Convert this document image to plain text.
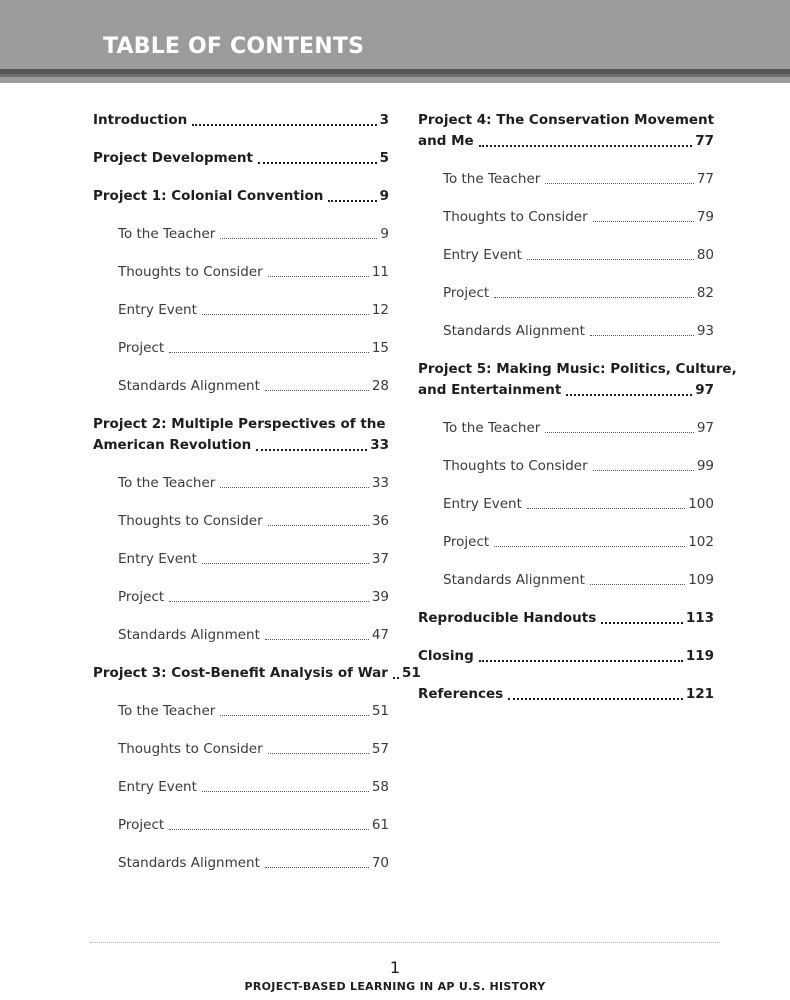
TABLE OF CONTENTS
Introduction	3
Project Development	5
Project 1: Colonial Convention	9
To the Teacher	9
Thoughts to Consider	11
Entry Event	12
Project	15
Standards Alignment	28
Project 2: Multiple Perspectives of the
American Revolution	33
To the Teacher	33
Thoughts to Consider	36
Entry Event	37
Project	39
Standards Alignment	47
Project 3: Cost-Benefit Analysis of War 51
To the Teacher	51
Thoughts to Consider	57
Entry Event	58
Project	61
Standards Alignment	70
Project 4: The Conservation Movement
and Me	77
To the Teacher	77
Thoughts to Consider	79
Entry Event	80
Project	82
Standards Alignment	93
Project 5: Making Music: Politics, Culture,
and Entertainment	97
To the Teacher	97
Thoughts to Consider	99
Entry Event	100
Project	102
Standards Alignment	109
Reproducible Handouts	113
Closing	119
References	121
1
PROJECT-BASED LEARNING IN AP U.S. HISTORY
